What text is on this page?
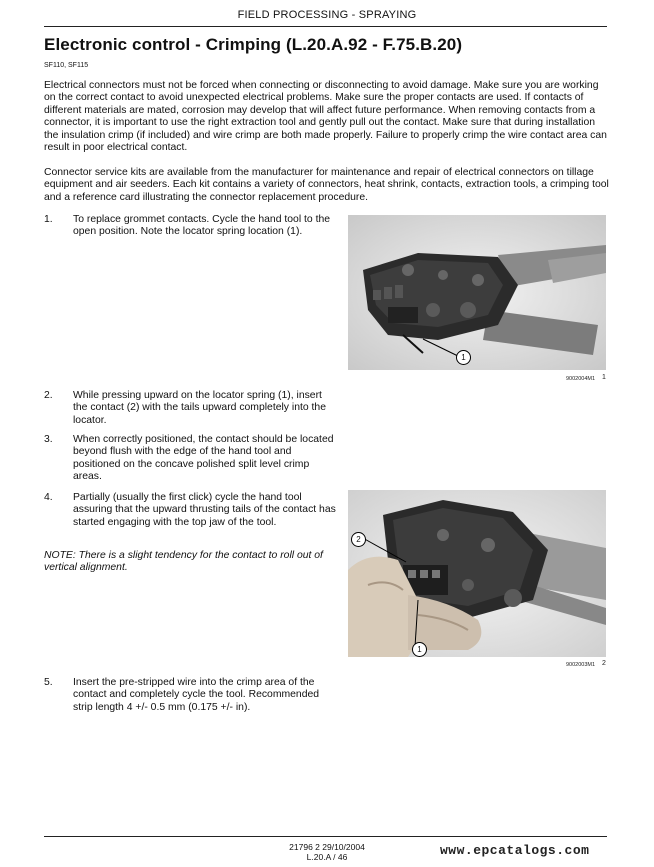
FIELD PROCESSING - SPRAYING
Electronic control - Crimping (L.20.A.92 - F.75.B.20)
SF110, SF115
Electrical connectors must not be forced when connecting or disconnecting to avoid damage. Make sure you are working on the correct contact to avoid unexpected electrical problems. Make sure the proper contacts are used. If contacts of different materials are mated, corrosion may develop that will affect future performance. When removing contacts from a connector, it is important to use the right extraction tool and gently pull out the contact. Make sure that during installation the insulation crimp (if included) and wire crimp are both made properly. Failure to properly crimp the wire contact area can result in poor electrical contact.
Connector service kits are available from the manufacturer for maintenance and repair of electrical connectors on tillage equipment and air seeders. Each kit contains a variety of connectors, heat shrink, contacts, extraction tools, a crimping tool and a reference card illustrating the connector replacement procedure.
1. To replace grommet contacts. Cycle the hand tool to the open position. Note the locator spring location (1).
1
9002004M1 1
2. While pressing upward on the locator spring (1), insert the contact (2) with the tails upward completely into the locator.
3. When correctly positioned, the contact should be located beyond flush with the edge of the hand tool and positioned on the concave polished split level crimp areas.
4. Partially (usually the first click) cycle the hand tool assuring that the upward thrusting tails of the contact has started engaging with the top jaw of the tool.
NOTE: There is a slight tendency for the contact to roll out of vertical alignment.
2
1
9002003M1 2
5. Insert the pre-stripped wire into the crimp area of the contact and completely cycle the tool. Recommended strip length 4 +/- 0.5 mm (0.175 +/- in).
21796 2 29/10/2004
L.20.A / 46	www.epcatalogs.com
